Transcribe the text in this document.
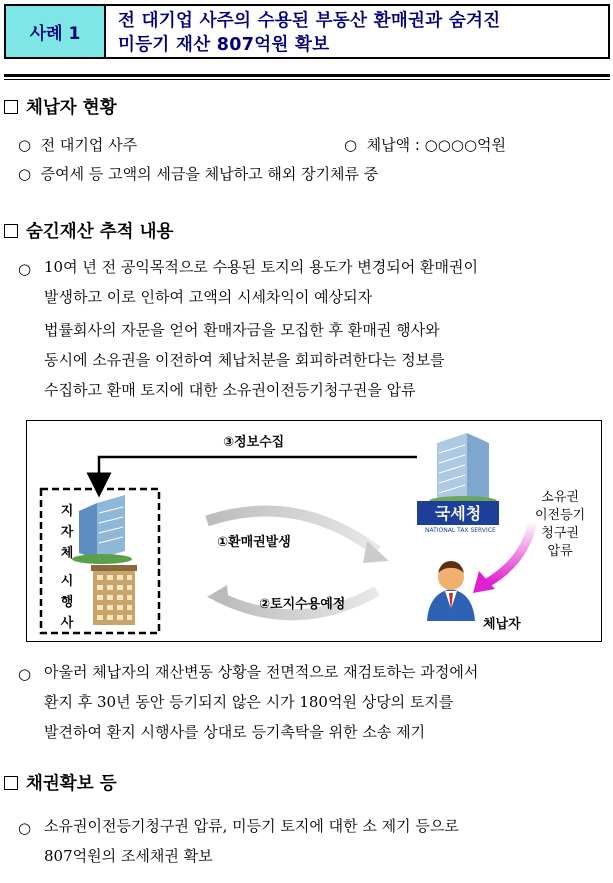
사례 1
전 대기업 사주의 수용된 부동산 환매권과 숨겨진
미등기 재산 807억원 확보
체납자 현황
○  전 대기업 사주	○  체납액 : ○○○○억원
○  증여세 등 고액의 세금을 체납하고 해외 장기체류 중
숨긴재산 추적 내용
○ 10여 년 전 공익목적으로 수용된 토지의 용도가 변경되어 환매권이
발생하고 이로 인하여 고액의 시세차익이 예상되자
법률회사의 자문을 얻어 환매자금을 모집한 후 환매권 행사와
동시에 소유권을 이전하여 체납처분을 회피하려한다는 정보를
수집하고 환매 토지에 대한 소유권이전등기청구권을 압류
③정보수집
지
자
체
시
행
사
①환매권발생
②토지수용예정
국세청
NATIONAL TAX SERVICE
소유권
이전등기
청구권
압류
체납자
○ 아울러 체납자의 재산변동 상황을 전면적으로 재검토하는 과정에서
환지 후 30년 동안 등기되지 않은 시가 180억원 상당의 토지를
발견하여 환지 시행사를 상대로 등기촉탁을 위한 소송 제기
채권확보 등
○ 소유권이전등기청구권 압류, 미등기 토지에 대한 소 제기 등으로
807억원의 조세채권 확보
